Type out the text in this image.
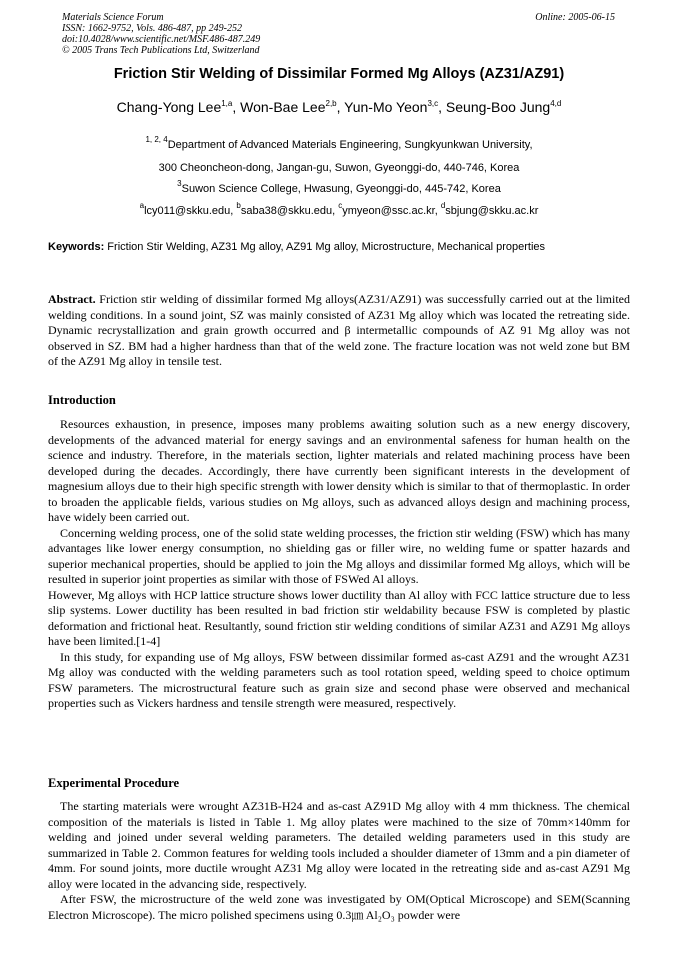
Materials Science Forum
ISSN: 1662-9752, Vols. 486-487, pp 249-252
doi:10.4028/www.scientific.net/MSF.486-487.249
© 2005 Trans Tech Publications Ltd, Switzerland
Online: 2005-06-15
Friction Stir Welding of Dissimilar Formed Mg Alloys (AZ31/AZ91)
Chang-Yong Lee$^{1,a}$, Won-Bae Lee$^{2,b}$, Yun-Mo Yeon$^{3,c}$, Seung-Boo Jung$^{4,d}$
$^{1, 2, 4}$Department of Advanced Materials Engineering, Sungkyunkwan University,
300 Cheoncheon-dong, Jangan-gu, Suwon, Gyeonggi-do, 440-746, Korea
$^3$Suwon Science College, Hwasung, Gyeonggi-do, 445-742, Korea
$^a$lcy011@skku.edu, $^b$saba38@skku.edu, $^c$ymyeon@ssc.ac.kr, $^d$sbjung@skku.ac.kr
Keywords: Friction Stir Welding, AZ31 Mg alloy, AZ91 Mg alloy, Microstructure, Mechanical properties

Abstract. Friction stir welding of dissimilar formed Mg alloys(AZ31/AZ91) was successfully carried out at the limited welding conditions. In a sound joint, SZ was mainly consisted of AZ31 Mg alloy which was located the retreating side. Dynamic recrystallization and grain growth occurred and β intermetallic compounds of AZ 91 Mg alloy was not observed in SZ. BM had a higher hardness than that of the weld zone. The fracture location was not weld zone but BM of the AZ91 Mg alloy in tensile test.

Introduction

Resources exhaustion, in presence, imposes many problems awaiting solution such as a new energy discovery, developments of the advanced material for energy savings and an environmental safeness for human health on the science and industry. Therefore, in the materials section, lighter materials and related machining process have been developed during the decades. Accordingly, there have currently been significant interests in the development of magnesium alloys due to their high specific strength with lower density which is similar to that of thermoplastic. In order to broaden the applicable fields, various studies on Mg alloys, such as advanced alloys design and machining process, have widely been carried out.

Concerning welding process, one of the solid state welding processes, the friction stir welding (FSW) which has many advantages like lower energy consumption, no shielding gas or filler wire, no welding fume or spatter hazards and superior mechanical properties, should be applied to join the Mg alloys and dissimilar formed Mg alloys, which will be resulted in superior joint properties as similar with those of FSWed Al alloys.

However, Mg alloys with HCP lattice structure shows lower ductility than Al alloy with FCC lattice structure due to less slip systems. Lower ductility has been resulted in bad friction stir weldability because FSW is completed by plastic deformation and frictional heat. Resultantly, sound friction stir welding conditions of similar AZ31 and AZ91 Mg alloys have been limited.[1-4]

In this study, for expanding use of Mg alloys, FSW between dissimilar formed as-cast AZ91 and the wrought AZ31 Mg alloy was conducted with the welding parameters such as tool rotation speed, welding speed to choice optimum FSW parameters. The microstructural feature such as grain size and second phase were observed and mechanical properties such as Vickers hardness and tensile strength were measured, respectively.

Experimental Procedure

The starting materials were wrought AZ31B-H24 and as-cast AZ91D Mg alloy with 4 mm thickness. The chemical composition of the materials is listed in Table 1. Mg alloy plates were machined to the size of 70mm×140mm for welding and joined under several welding parameters. The detailed welding parameters used in this study are summarized in Table 2. Common features for welding tools included a shoulder diameter of 13mm and a pin diameter of 4mm. For sound joints, more ductile wrought AZ31 Mg alloy were located in the retreating side and as-cast AZ91 Mg alloy were located in the advancing side, respectively.

After FSW, the microstructure of the weld zone was investigated by OM(Optical Microscope) and SEM(Scanning Electron Microscope). The micro polished specimens using 0.3㎛ Al₂O₃ powder were
